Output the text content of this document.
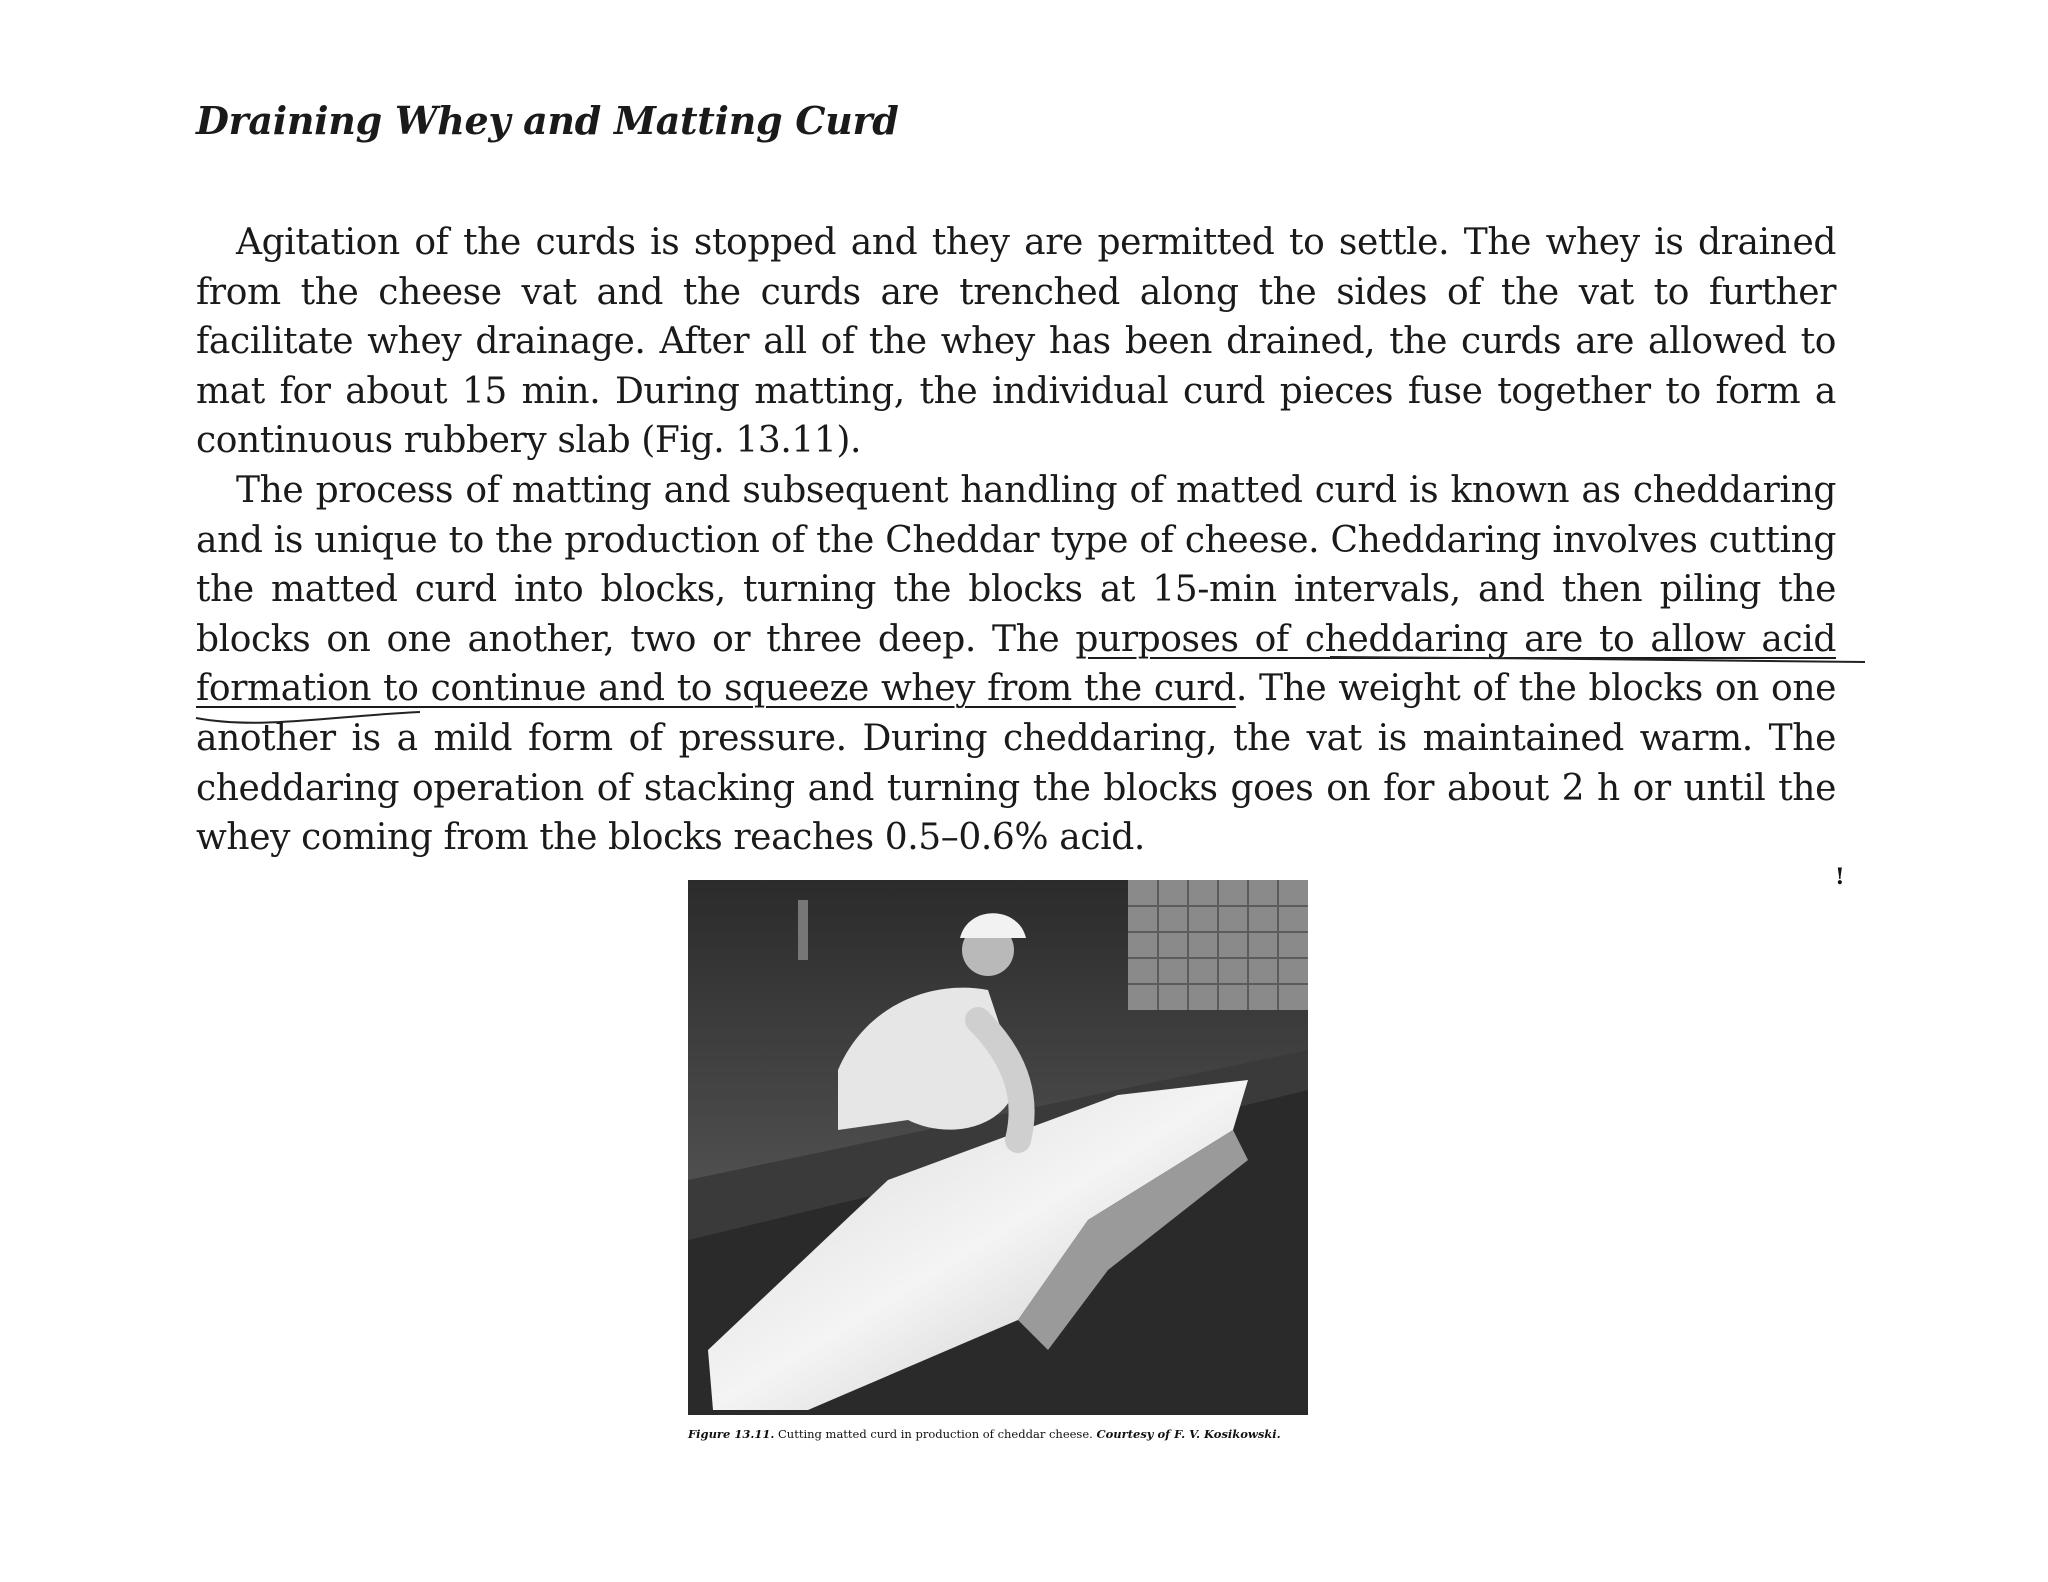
Draining Whey and Matting Curd

Agitation of the curds is stopped and they are permitted to settle. The whey is drained from the cheese vat and the curds are trenched along the sides of the vat to further facilitate whey drainage. After all of the whey has been drained, the curds are allowed to mat for about 15 min. During matting, the individual curd pieces fuse together to form a continuous rubbery slab (Fig. 13.11).

The process of matting and subsequent handling of matted curd is known as cheddaring and is unique to the production of the Cheddar type of cheese. Cheddaring involves cutting the matted curd into blocks, turning the blocks at 15-min intervals, and then piling the blocks on one another, two or three deep. The purposes of cheddaring are to allow acid formation to continue and to squeeze whey from the curd. The weight of the blocks on one another is a mild form of pressure. During cheddaring, the vat is maintained warm. The cheddaring operation of stacking and turning the blocks goes on for about 2 h or until the whey coming from the blocks reaches 0.5–0.6% acid.

!

Figure 13.11. Cutting matted curd in production of cheddar cheese. Courtesy of F. V. Kosikowski.
